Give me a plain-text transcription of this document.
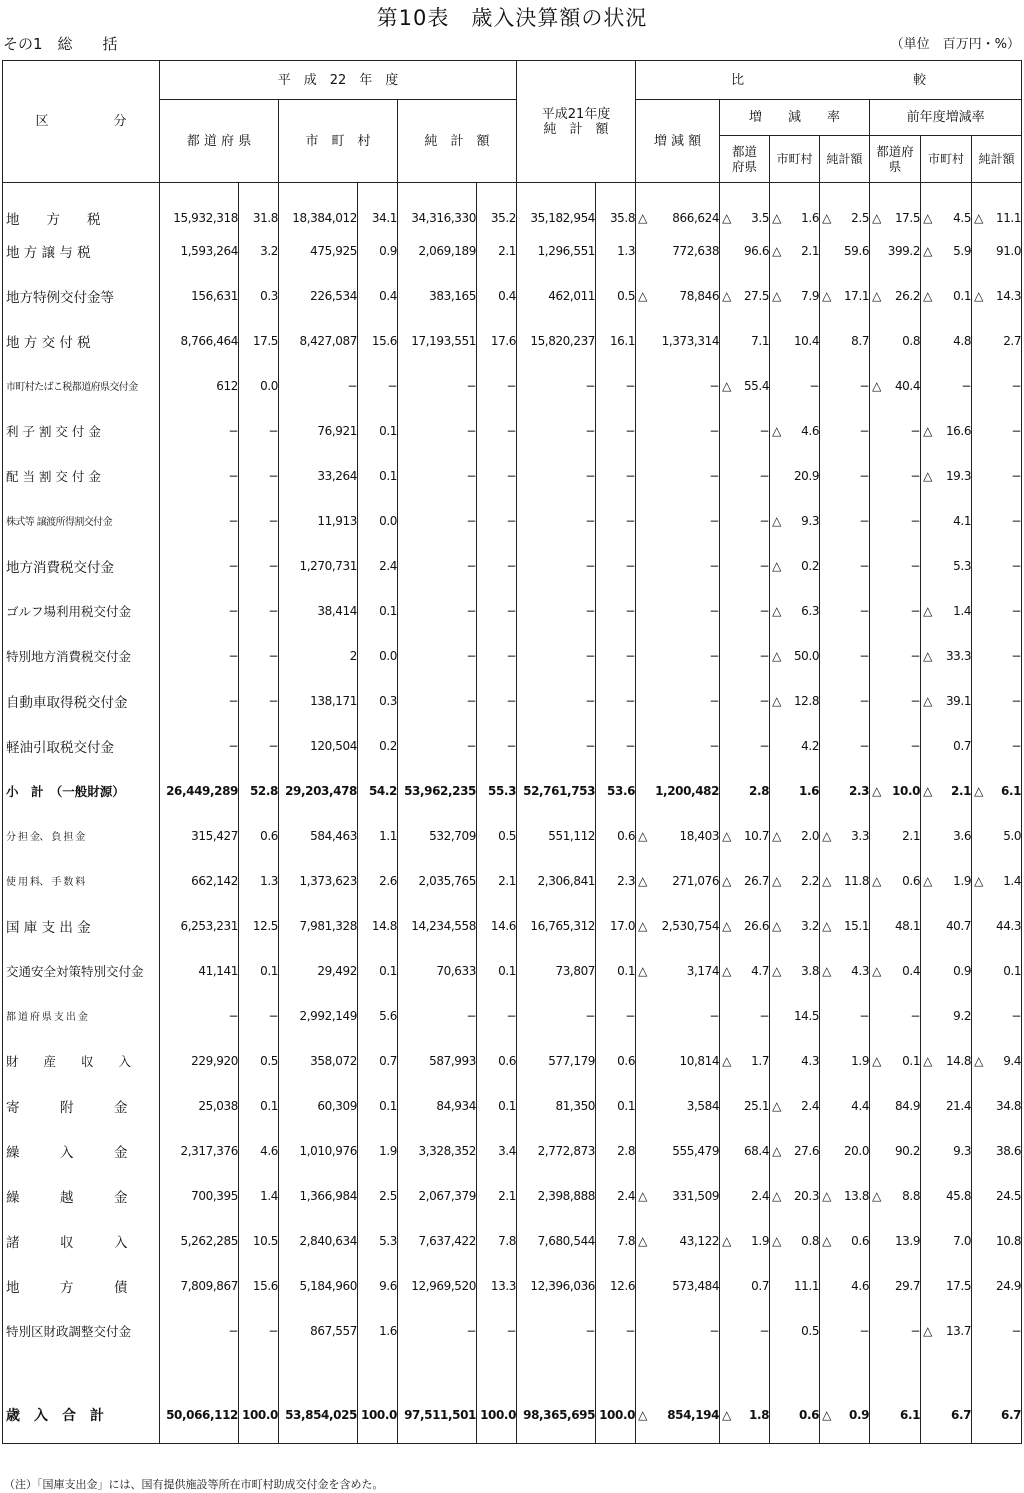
第10表　歳入決算額の状況
その1　総　　括	（単位　百万円・%）
区　　　　　分	平　成　22　年　度						平成21年度
純　計　額		比　　　　　　　　　　　　　較						
	都 道 府 県		市　町　村		純　計　額				増 減 額	増　　減　　率			前年度増減率		
										都道府県	市町村	純計額	都道府県	市町村	純計額
地　　方　　税	15,932,318	31.8	18,384,012	34.1	34,316,330	35.2	35,182,954	35.8	△ 866,624	△ 3.5	△ 1.6	△ 2.5	△ 17.5	△ 4.5	△ 11.1
地 方 譲 与 税	1,593,264	3.2	475,925	0.9	2,069,189	2.1	1,296,551	1.3	772,638	96.6	△ 2.1	59.6	399.2	△ 5.9	91.0
地方特例交付金等	156,631	0.3	226,534	0.4	383,165	0.4	462,011	0.5	△ 78,846	△ 27.5	△ 7.9	△ 17.1	△ 26.2	△ 0.1	△ 14.3
地 方 交 付 税	8,766,464	17.5	8,427,087	15.6	17,193,551	17.6	15,820,237	16.1	1,373,314	7.1	10.4	8.7	0.8	4.8	2.7
市町村たばこ税都道府県交付金	612	0.0	−	−	−	−	−	−	−	△ 55.4	−	−	△ 40.4	−	−
利 子 割 交 付 金	−	−	76,921	0.1	−	−	−	−	−	−	△ 4.6	−	−	△ 16.6	−
配 当 割 交 付 金	−	−	33,264	0.1	−	−	−	−	−	−	20.9	−	−	△ 19.3	−
株式等 譲渡所得割交付金	−	−	11,913	0.0	−	−	−	−	−	−	△ 9.3	−	−	4.1	−
地方消費税交付金	−	−	1,270,731	2.4	−	−	−	−	−	−	△ 0.2	−	−	5.3	−
ゴルフ場利用税交付金	−	−	38,414	0.1	−	−	−	−	−	−	△ 6.3	−	−	△ 1.4	−
特別地方消費税交付金	−	−	2	0.0	−	−	−	−	−	−	△ 50.0	−	−	△ 33.3	−
自動車取得税交付金	−	−	138,171	0.3	−	−	−	−	−	−	△ 12.8	−	−	△ 39.1	−
軽油引取税交付金	−	−	120,504	0.2	−	−	−	−	−	−	4.2	−	−	0.7	−
小　計　（一般財源）	26,449,289	52.8	29,203,478	54.2	53,962,235	55.3	52,761,753	53.6	1,200,482	2.8	1.6	2.3	△ 10.0	△ 2.1	△ 6.1
分 担 金、 負 担 金	315,427	0.6	584,463	1.1	532,709	0.5	551,112	0.6	△ 18,403	△ 10.7	△ 2.0	△ 3.3	2.1	3.6	5.0
使 用 料、 手 数 料	662,142	1.3	1,373,623	2.6	2,035,765	2.1	2,306,841	2.3	△ 271,076	△ 26.7	△ 2.2	△ 11.8	△ 0.6	△ 1.9	△ 1.4
国 庫 支 出 金	6,253,231	12.5	7,981,328	14.8	14,234,558	14.6	16,765,312	17.0	△ 2,530,754	△ 26.6	△ 3.2	△ 15.1	48.1	40.7	44.3
交通安全対策特別交付金	41,141	0.1	29,492	0.1	70,633	0.1	73,807	0.1	△ 3,174	△ 4.7	△ 3.8	△ 4.3	△ 0.4	0.9	0.1
都 道 府 県 支 出 金	−	−	2,992,149	5.6	−	−	−	−	−	−	14.5	−	−	9.2	−
財　　産　　収　　入	229,920	0.5	358,072	0.7	587,993	0.6	577,179	0.6	10,814	△ 1.7	4.3	1.9	△ 0.1	△ 14.8	△ 9.4
寄　　　附　　　金	25,038	0.1	60,309	0.1	84,934	0.1	81,350	0.1	3,584	25.1	△ 2.4	4.4	84.9	21.4	34.8
繰　　　入　　　金	2,317,376	4.6	1,010,976	1.9	3,328,352	3.4	2,772,873	2.8	555,479	68.4	△ 27.6	20.0	90.2	9.3	38.6
繰　　　越　　　金	700,395	1.4	1,366,984	2.5	2,067,379	2.1	2,398,888	2.4	△ 331,509	2.4	△ 20.3	△ 13.8	△ 8.8	45.8	24.5
諸　　　収　　　入	5,262,285	10.5	2,840,634	5.3	7,637,422	7.8	7,680,544	7.8	△ 43,122	△ 1.9	△ 0.8	△ 0.6	13.9	7.0	10.8
地　　　方　　　債	7,809,867	15.6	5,184,960	9.6	12,969,520	13.3	12,396,036	12.6	573,484	0.7	11.1	4.6	29.7	17.5	24.9
特別区財政調整交付金	−	−	867,557	1.6	−	−	−	−	−	−	0.5	−	−	△ 13.7	−
歳　入　合　計	50,066,112	100.0	53,854,025	100.0	97,511,501	100.0	98,365,695	100.0	△ 854,194	△ 1.8	0.6	△ 0.9	6.1	6.7	6.7
（注）「国庫支出金」には、国有提供施設等所在市町村助成交付金を含めた。
